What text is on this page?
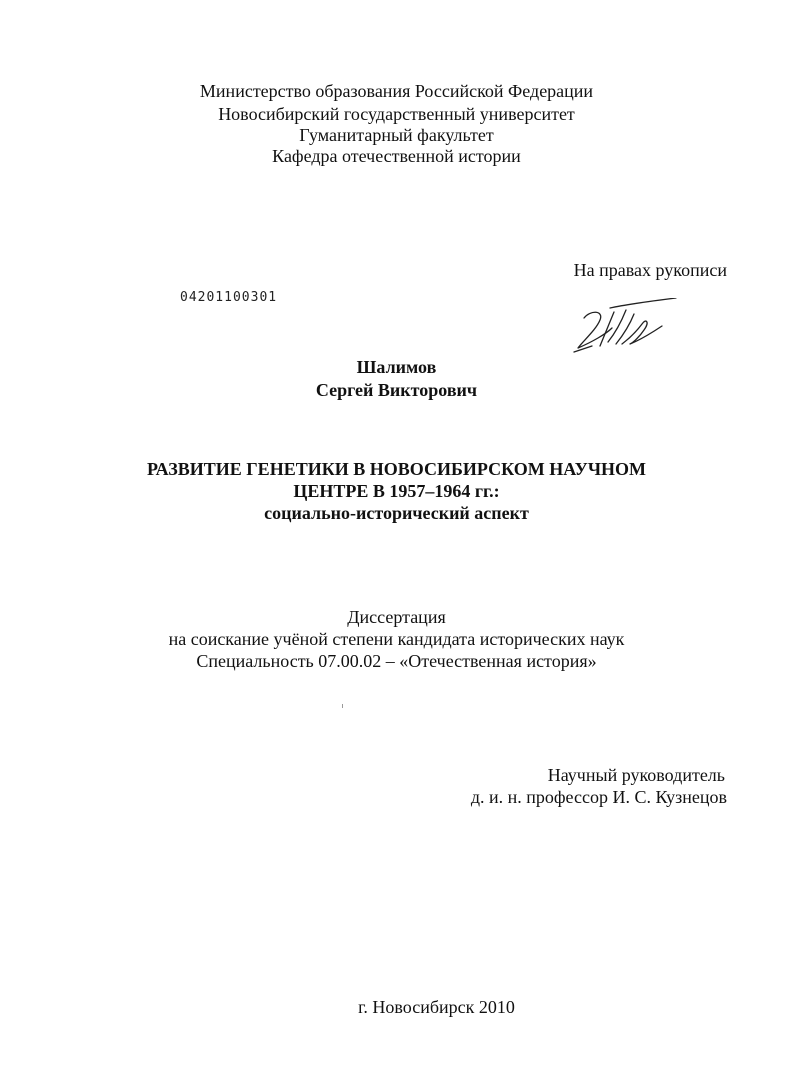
Министерство образования Российской Федерации
Новосибирский государственный университет
Гуманитарный факультет
Кафедра отечественной истории
На правах рукописи
04201100301
Шалимов
Сергей Викторович
РАЗВИТИЕ ГЕНЕТИКИ В НОВОСИБИРСКОМ НАУЧНОМ
ЦЕНТРЕ В 1957–1964 гг.:
социально-исторический аспект
Диссертация
на соискание учёной степени кандидата исторических наук
Специальность 07.00.02 – «Отечественная история»
Научный руководитель
д. и. н. профессор И. С. Кузнецов
г. Новосибирск 2010
